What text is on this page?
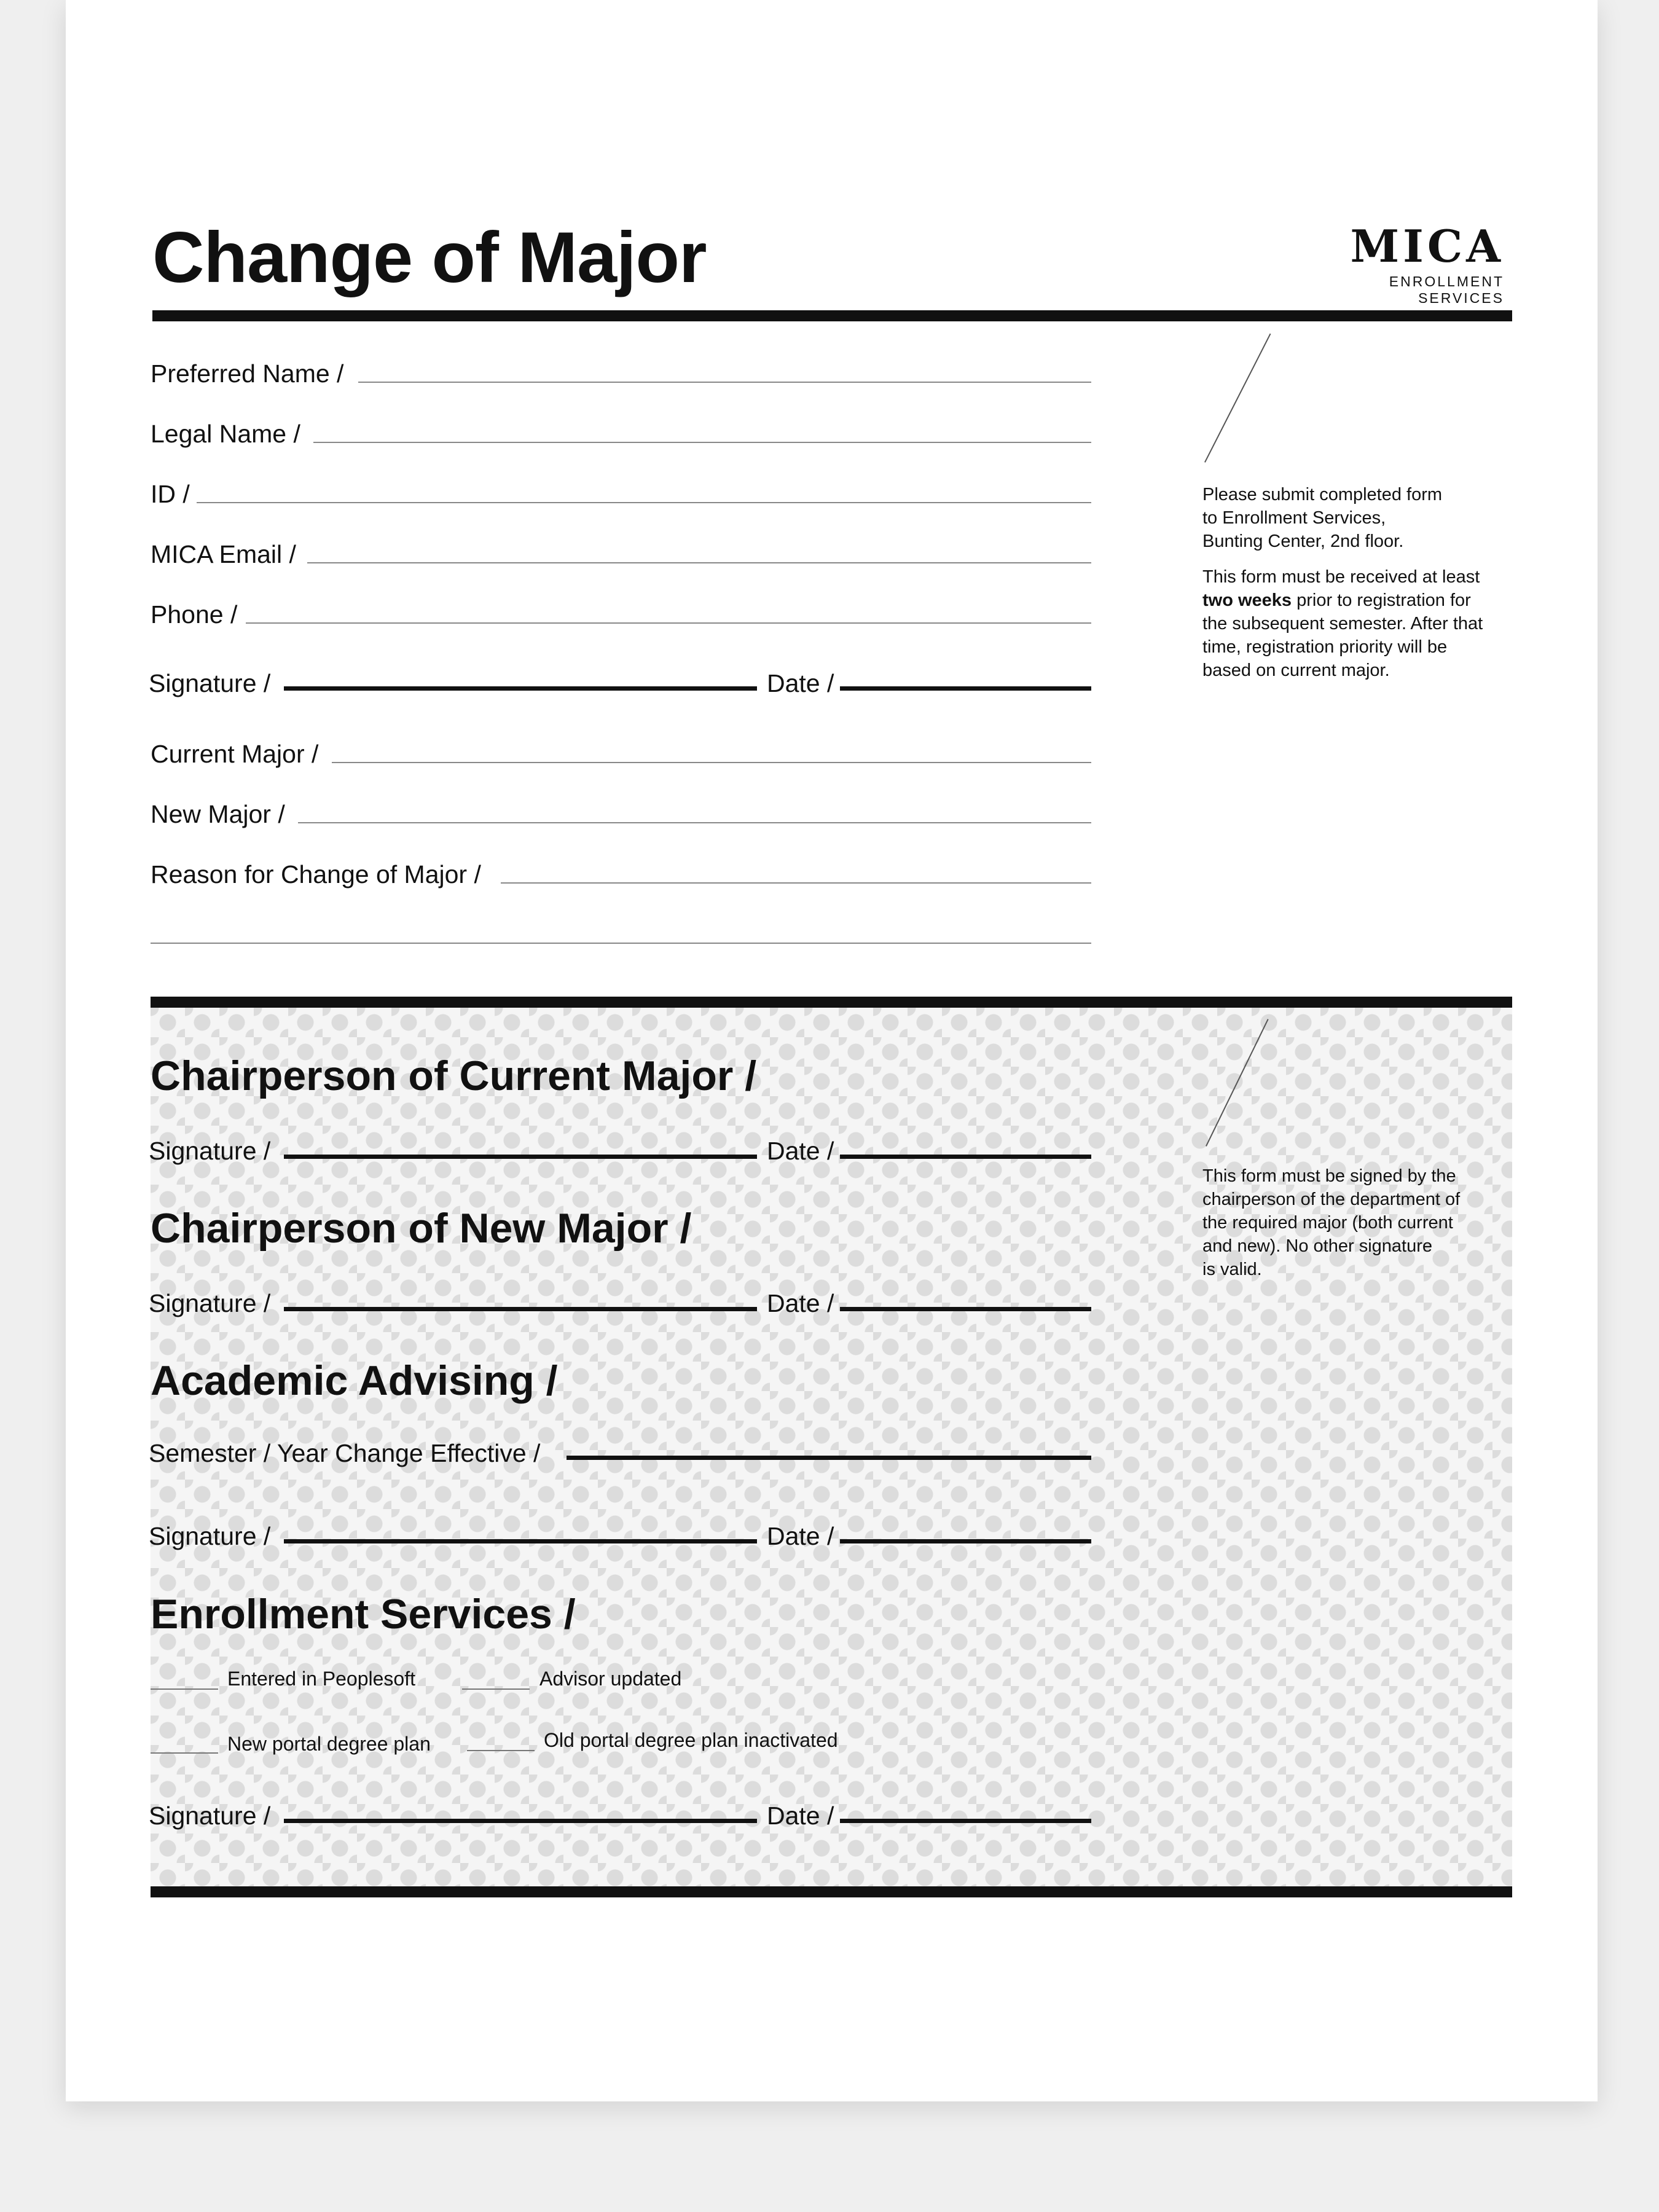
Change of Major	MICA
ENROLLMENT SERVICES
Preferred Name /
Legal Name /
ID /
MICA Email /
Phone /
Signature /	Date /
Current Major /
New Major /
Reason for Change of Major /
Please submit completed form
to Enrollment Services,
Bunting Center, 2nd floor.
This form must be received at least
two weeks prior to registration for
the subsequent semester. After that
time, registration priority will be
based on current major.
This form must be signed by the
chairperson of the department of
the required major (both current
and new). No other signature
is valid.
Chairperson of Current Major /
Signature /	Date /
Chairperson of New Major /
Signature /	Date /
Academic Advising /
Semester / Year Change Effective /
Signature /	Date /
Enrollment Services /
Entered in Peoplesoft	Advisor updated
New portal degree plan	Old portal degree plan inactivated
Signature /	Date /
